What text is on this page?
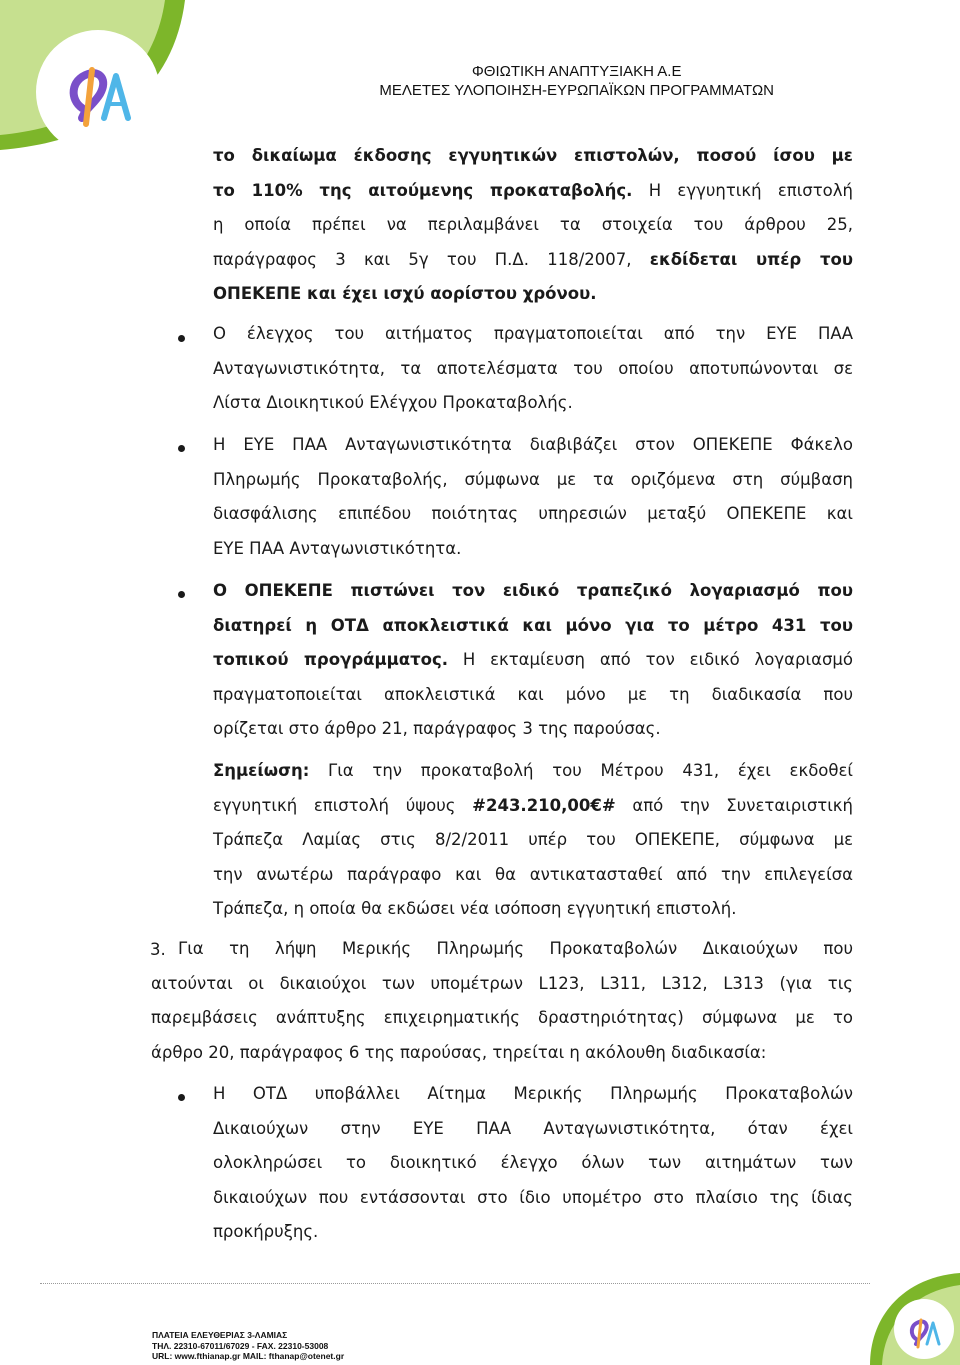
ΦΘΙΩΤΙΚΗ ΑΝΑΠΤΥΞΙΑΚΗ Α.Ε
ΜΕΛΕΤΕΣ ΥΛΟΠΟΙΗΣΗ-ΕΥΡΩΠΑΪΚΩΝ ΠΡΟΓΡΑΜΜΑΤΩΝ
το δικαίωμα έκδοσης εγγυητικών επιστολών, ποσού ίσου με
το 110% της αιτούμενης προκαταβολής. Η εγγυητική επιστολή
η οποία πρέπει να περιλαμβάνει τα στοιχεία του άρθρου 25,
παράγραφος 3 και 5γ του Π.Δ. 118/2007, εκδίδεται υπέρ του
ΟΠΕΚΕΠΕ και έχει ισχύ αορίστου χρόνου.
Ο έλεγχος του αιτήματος πραγματοποιείται από την ΕΥΕ ΠΑΑ
Ανταγωνιστικότητα, τα αποτελέσματα του οποίου αποτυπώνονται σε
Λίστα Διοικητικού Ελέγχου Προκαταβολής.
Η ΕΥΕ ΠΑΑ Ανταγωνιστικότητα διαβιβάζει στον ΟΠΕΚΕΠΕ Φάκελο
Πληρωμής Προκαταβολής, σύμφωνα με τα οριζόμενα στη σύμβαση
διασφάλισης επιπέδου ποιότητας υπηρεσιών μεταξύ ΟΠΕΚΕΠΕ και
ΕΥΕ ΠΑΑ Ανταγωνιστικότητα.
Ο ΟΠΕΚΕΠΕ πιστώνει τον ειδικό τραπεζικό λογαριασμό που
διατηρεί η ΟΤΔ αποκλειστικά και μόνο για το μέτρο 431 του
τοπικού προγράμματος. Η εκταμίευση από τον ειδικό λογαριασμό
πραγματοποιείται αποκλειστικά και μόνο με τη διαδικασία που
ορίζεται στο άρθρο 21, παράγραφος 3 της παρούσας.
Σημείωση: Για την προκαταβολή του Μέτρου 431, έχει εκδοθεί
εγγυητική επιστολή ύψους #243.210,00€# από την Συνεταιριστική
Τράπεζα Λαμίας στις 8/2/2011 υπέρ του ΟΠΕΚΕΠΕ, σύμφωνα με
την ανωτέρω παράγραφο και θα αντικατασταθεί από την επιλεγείσα
Τράπεζα, η οποία θα εκδώσει νέα ισόποση εγγυητική επιστολή.
3. Για τη λήψη Μερικής Πληρωμής Προκαταβολών Δικαιούχων που
αιτούνται οι δικαιούχοι των υπομέτρων L123, L311, L312, L313 (για τις
παρεμβάσεις ανάπτυξης επιχειρηματικής δραστηριότητας) σύμφωνα με το
άρθρο 20, παράγραφος 6 της παρούσας, τηρείται η ακόλουθη διαδικασία:
Η ΟΤΔ υποβάλλει Αίτημα Μερικής Πληρωμής Προκαταβολών
Δικαιούχων στην ΕΥΕ ΠΑΑ Ανταγωνιστικότητα, όταν έχει
ολοκληρώσει το διοικητικό έλεγχο όλων των αιτημάτων των
δικαιούχων που εντάσσονται στο ίδιο υπομέτρο στο πλαίσιο της ίδιας
προκήρυξης.
ΠΛΑΤΕΙΑ ΕΛΕΥΘΕΡΙΑΣ 3-ΛΑΜΙΑΣ
ΤΗΛ. 22310-67011/67029 - FAX. 22310-53008
URL: www.fthianap.gr MAIL: fthanap@otenet.gr
